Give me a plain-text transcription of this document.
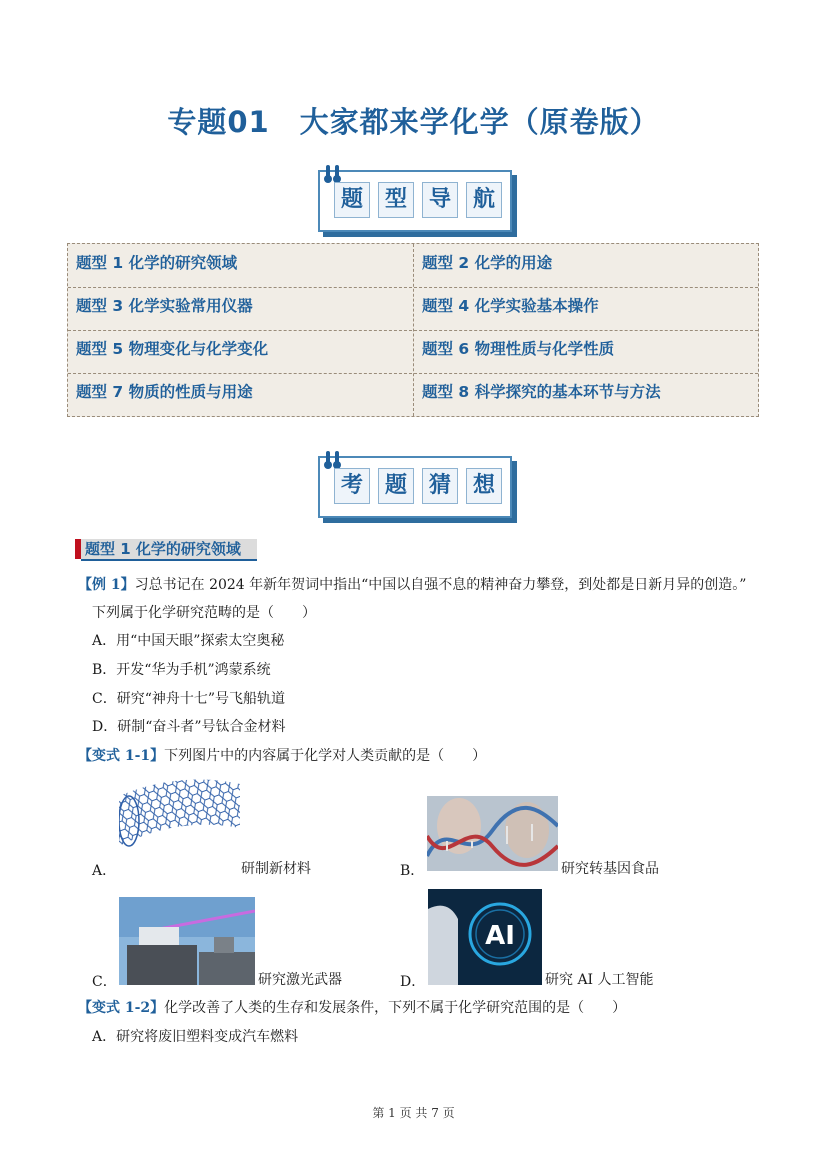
专题01　大家都来学化学（原卷版）
题 型 导 航
题型 1 化学的研究领域	题型 2 化学的用途
题型 3 化学实验常用仪器	题型 4 化学实验基本操作
题型 5 物理变化与化学变化	题型 6 物理性质与化学性质
题型 7 物质的性质与用途	题型 8 科学探究的基本环节与方法
考 题 猜 想
题型 1 化学的研究领域
【例 1】习总书记在 2024 年新年贺词中指出“中国以自强不息的精神奋力攀登，到处都是日新月异的创造。”
下列属于化学研究范畴的是（　　）
A．用“中国天眼”探索太空奥秘
B．开发“华为手机”鸿蒙系统
C．研究“神舟十七”号飞船轨道
D．研制“奋斗者”号钛合金材料
【变式 1-1】下列图片中的内容属于化学对人类贡献的是（　　）
A．	研制新材料	B．	研究转基因食品
C．	研究激光武器
AI
D．	研究 AI 人工智能
【变式 1-2】化学改善了人类的生存和发展条件，下列不属于化学研究范围的是（　　）
A．研究将废旧塑料变成汽车燃料
第 1 页 共 7 页
